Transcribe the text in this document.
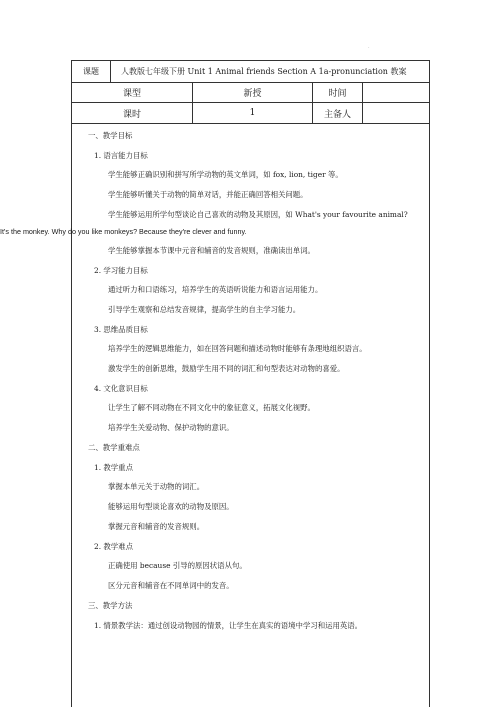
.
课题	人教版七年级下册 Unit 1 Animal friends Section A 1a-pronunciation 教案
课型	新授	时间
课时	1	主备人
一、教学目标
1. 语言能力目标
学生能够正确识别和拼写所学动物的英文单词，如 fox, lion, tiger 等。
学生能够听懂关于动物的简单对话，并能正确回答相关问题。
学生能够运用所学句型谈论自己喜欢的动物及其原因，如 What's your favourite animal?
It's the monkey. Why do you like monkeys? Because they're clever and funny.
学生能够掌握本节课中元音和辅音的发音规则，准确读出单词。
2. 学习能力目标
通过听力和口语练习，培养学生的英语听说能力和语言运用能力。
引导学生观察和总结发音规律，提高学生的自主学习能力。
3. 思维品质目标
培养学生的逻辑思维能力，如在回答问题和描述动物时能够有条理地组织语言。
激发学生的创新思维，鼓励学生用不同的词汇和句型表达对动物的喜爱。
4. 文化意识目标
让学生了解不同动物在不同文化中的象征意义，拓展文化视野。
培养学生关爱动物、保护动物的意识。
二、教学重难点
1. 教学重点
掌握本单元关于动物的词汇。
能够运用句型谈论喜欢的动物及原因。
掌握元音和辅音的发音规则。
2. 教学难点
正确使用 because 引导的原因状语从句。
区分元音和辅音在不同单词中的发音。
三、教学方法
1. 情景教学法：通过创设动物园的情景，让学生在真实的语境中学习和运用英语。
